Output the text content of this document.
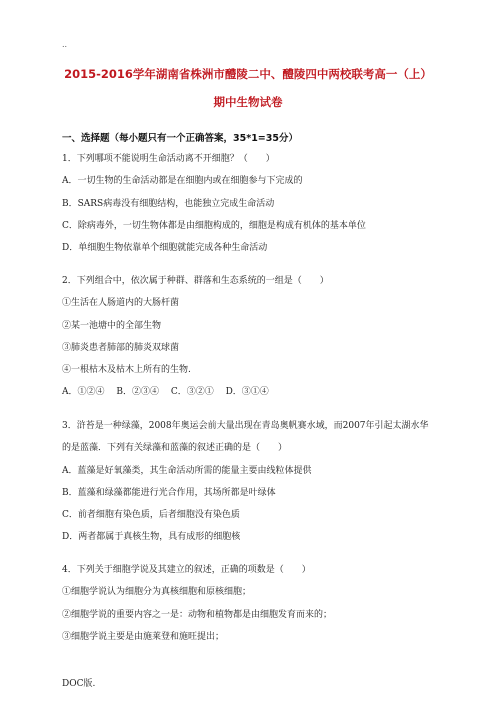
..
2015-2016学年湖南省株洲市醴陵二中、醴陵四中两校联考高一（上）
期中生物试卷
一、选择题（每小题只有一个正确答案，35*1=35分）
1．下列哪项不能说明生命活动离不开细胞？（　　）
A．一切生物的生命活动都是在细胞内或在细胞参与下完成的
B．SARS病毒没有细胞结构，也能独立完成生命活动
C．除病毒外，一切生物体都是由细胞构成的，细胞是构成有机体的基本单位
D．单细胞生物依靠单个细胞就能完成各种生命活动
2．下列组合中，依次属于种群、群落和生态系统的一组是（　　）
①生活在人肠道内的大肠杆菌
②某一池塘中的全部生物
③肺炎患者肺部的肺炎双球菌
④一根枯木及枯木上所有的生物.
A．①②④　 B．②③④　 C．③②①　 D．③①④
3．浒苔是一种绿藻，2008年奥运会前大量出现在青岛奥帆赛水域，而2007年引起太湖水华
的是蓝藻．下列有关绿藻和蓝藻的叙述正确的是（　　）
A．蓝藻是好氧藻类，其生命活动所需的能量主要由线粒体提供
B．蓝藻和绿藻都能进行光合作用，其场所都是叶绿体
C．前者细胞有染色质，后者细胞没有染色质
D．两者都属于真核生物，具有成形的细胞核
4．下列关于细胞学说及其建立的叙述，正确的项数是（　　）
①细胞学说认为细胞分为真核细胞和原核细胞；
②细胞学说的重要内容之一是：动物和植物都是由细胞发育而来的；
③细胞学说主要是由施莱登和施旺提出；
DOC版.
